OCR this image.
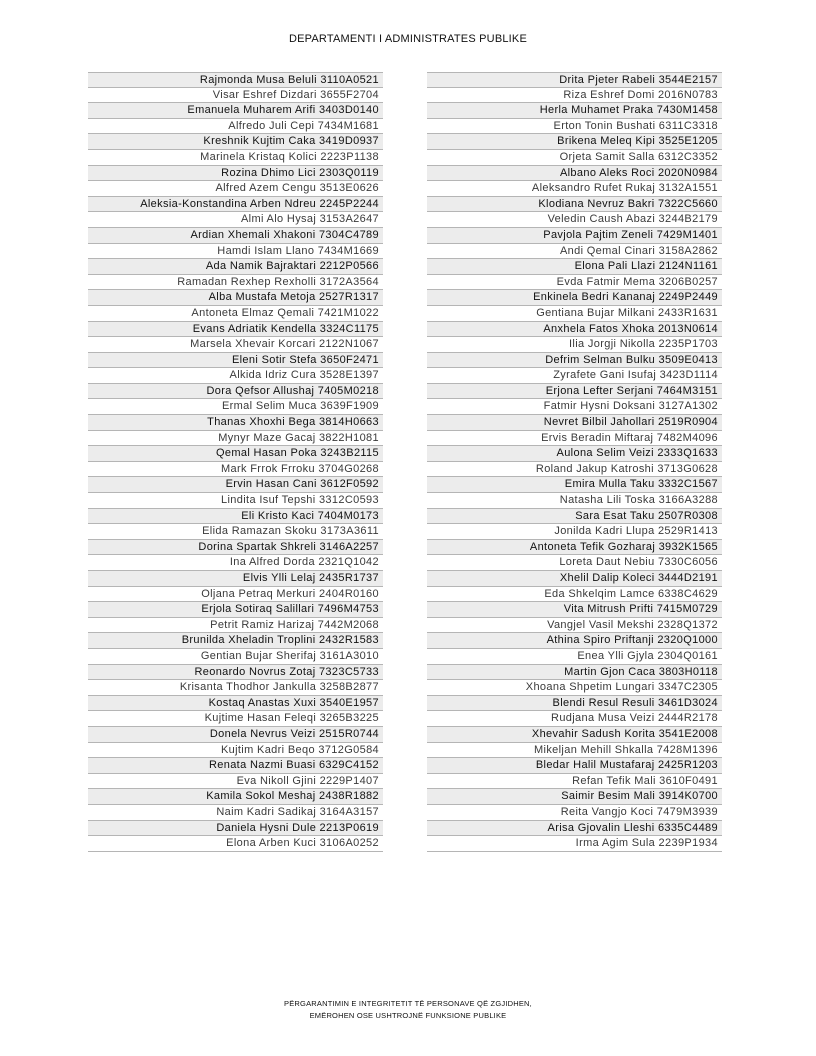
DEPARTAMENTI I ADMINISTRATES PUBLIKE
Rajmonda Musa Beluli 3110A0521
Visar Eshref Dizdari 3655F2704
Emanuela Muharem Arifi 3403D0140
Alfredo Juli Cepi 7434M1681
Kreshnik Kujtim Caka 3419D0937
Marinela Kristaq Kolici 2223P1138
Rozina Dhimo Lici 2303Q0119
Alfred Azem Cengu 3513E0626
Aleksia-Konstandina Arben Ndreu 2245P2244
Almi Alo Hysaj 3153A2647
Ardian Xhemali Xhakoni 7304C4789
Hamdi Islam Llano 7434M1669
Ada Namik Bajraktari 2212P0566
Ramadan Rexhep Rexholli 3172A3564
Alba Mustafa Metoja 2527R1317
Antoneta Elmaz Qemali 7421M1022
Evans Adriatik Kendella 3324C1175
Marsela Xhevair Korcari 2122N1067
Eleni Sotir Stefa 3650F2471
Alkida Idriz Cura 3528E1397
Dora Qefsor Allushaj 7405M0218
Ermal Selim Muca 3639F1909
Thanas Xhoxhi Bega 3814H0663
Mynyr Maze Gacaj 3822H1081
Qemal Hasan Poka 3243B2115
Mark Frrok Frroku 3704G0268
Ervin Hasan Cani 3612F0592
Lindita Isuf Tepshi 3312C0593
Eli Kristo Kaci 7404M0173
Elida Ramazan Skoku 3173A3611
Dorina Spartak Shkreli 3146A2257
Ina Alfred Dorda 2321Q1042
Elvis Ylli Lelaj 2435R1737
Oljana Petraq Merkuri 2404R0160
Erjola Sotiraq Salillari 7496M4753
Petrit Ramiz Harizaj 7442M2068
Brunilda Xheladin Troplini 2432R1583
Gentian Bujar Sherifaj 3161A3010
Reonardo Novrus Zotaj 7323C5733
Krisanta Thodhor Jankulla 3258B2877
Kostaq Anastas Xuxi 3540E1957
Kujtime Hasan Feleqi 3265B3225
Donela Nevrus Veizi 2515R0744
Kujtim Kadri Beqo 3712G0584
Renata Nazmi Buasi 6329C4152
Eva Nikoll Gjini 2229P1407
Kamila Sokol Meshaj 2438R1882
Naim Kadri Sadikaj 3164A3157
Daniela Hysni Dule 2213P0619
Elona Arben Kuci 3106A0252
Drita Pjeter Rabeli 3544E2157
Riza Eshref Domi 2016N0783
Herla Muhamet Praka 7430M1458
Erton Tonin Bushati 6311C3318
Brikena Meleq Kipi 3525E1205
Orjeta Samit Salla 6312C3352
Albano Aleks Roci 2020N0984
Aleksandro Rufet Rukaj 3132A1551
Klodiana Nevruz Bakri 7322C5660
Veledin Caush Abazi 3244B2179
Pavjola Pajtim Zeneli 7429M1401
Andi Qemal Cinari 3158A2862
Elona Pali Llazi 2124N1161
Evda Fatmir Mema 3206B0257
Enkinela Bedri Kananaj 2249P2449
Gentiana Bujar Milkani 2433R1631
Anxhela Fatos Xhoka 2013N0614
Ilia Jorgji Nikolla 2235P1703
Defrim Selman Bulku 3509E0413
Zyrafete Gani Isufaj 3423D1114
Erjona Lefter Serjani 7464M3151
Fatmir Hysni Doksani 3127A1302
Nevret Bilbil Jahollari 2519R0904
Ervis Beradin Miftaraj 7482M4096
Aulona Selim Veizi 2333Q1633
Roland Jakup Katroshi 3713G0628
Emira Mulla Taku 3332C1567
Natasha Lili Toska 3166A3288
Sara Esat Taku 2507R0308
Jonilda Kadri Llupa 2529R1413
Antoneta Tefik Gozharaj 3932K1565
Loreta Daut Nebiu 7330C6056
Xhelil Dalip Koleci 3444D2191
Eda Shkelqim Lamce 6338C4629
Vita Mitrush Prifti 7415M0729
Vangjel Vasil Mekshi 2328Q1372
Athina Spiro Priftanji 2320Q1000
Enea Ylli Gjyla 2304Q0161
Martin Gjon Caca 3803H0118
Xhoana Shpetim Lungari 3347C2305
Blendi Resul Resuli 3461D3024
Rudjana Musa Veizi 2444R2178
Xhevahir Sadush Korita 3541E2008
Mikeljan Mehill Shkalla 7428M1396
Bledar Halil Mustafaraj 2425R1203
Refan Tefik Mali 3610F0491
Saimir Besim Mali 3914K0700
Reita Vangjo Koci 7479M3939
Arisa Gjovalin Lleshi 6335C4489
Irma Agim Sula 2239P1934
PËRGARANTIMIN E INTEGRITETIT TË PERSONAVE QË ZGJIDHEN,
EMËROHEN OSE USHTROJNË FUNKSIONE PUBLIKE
